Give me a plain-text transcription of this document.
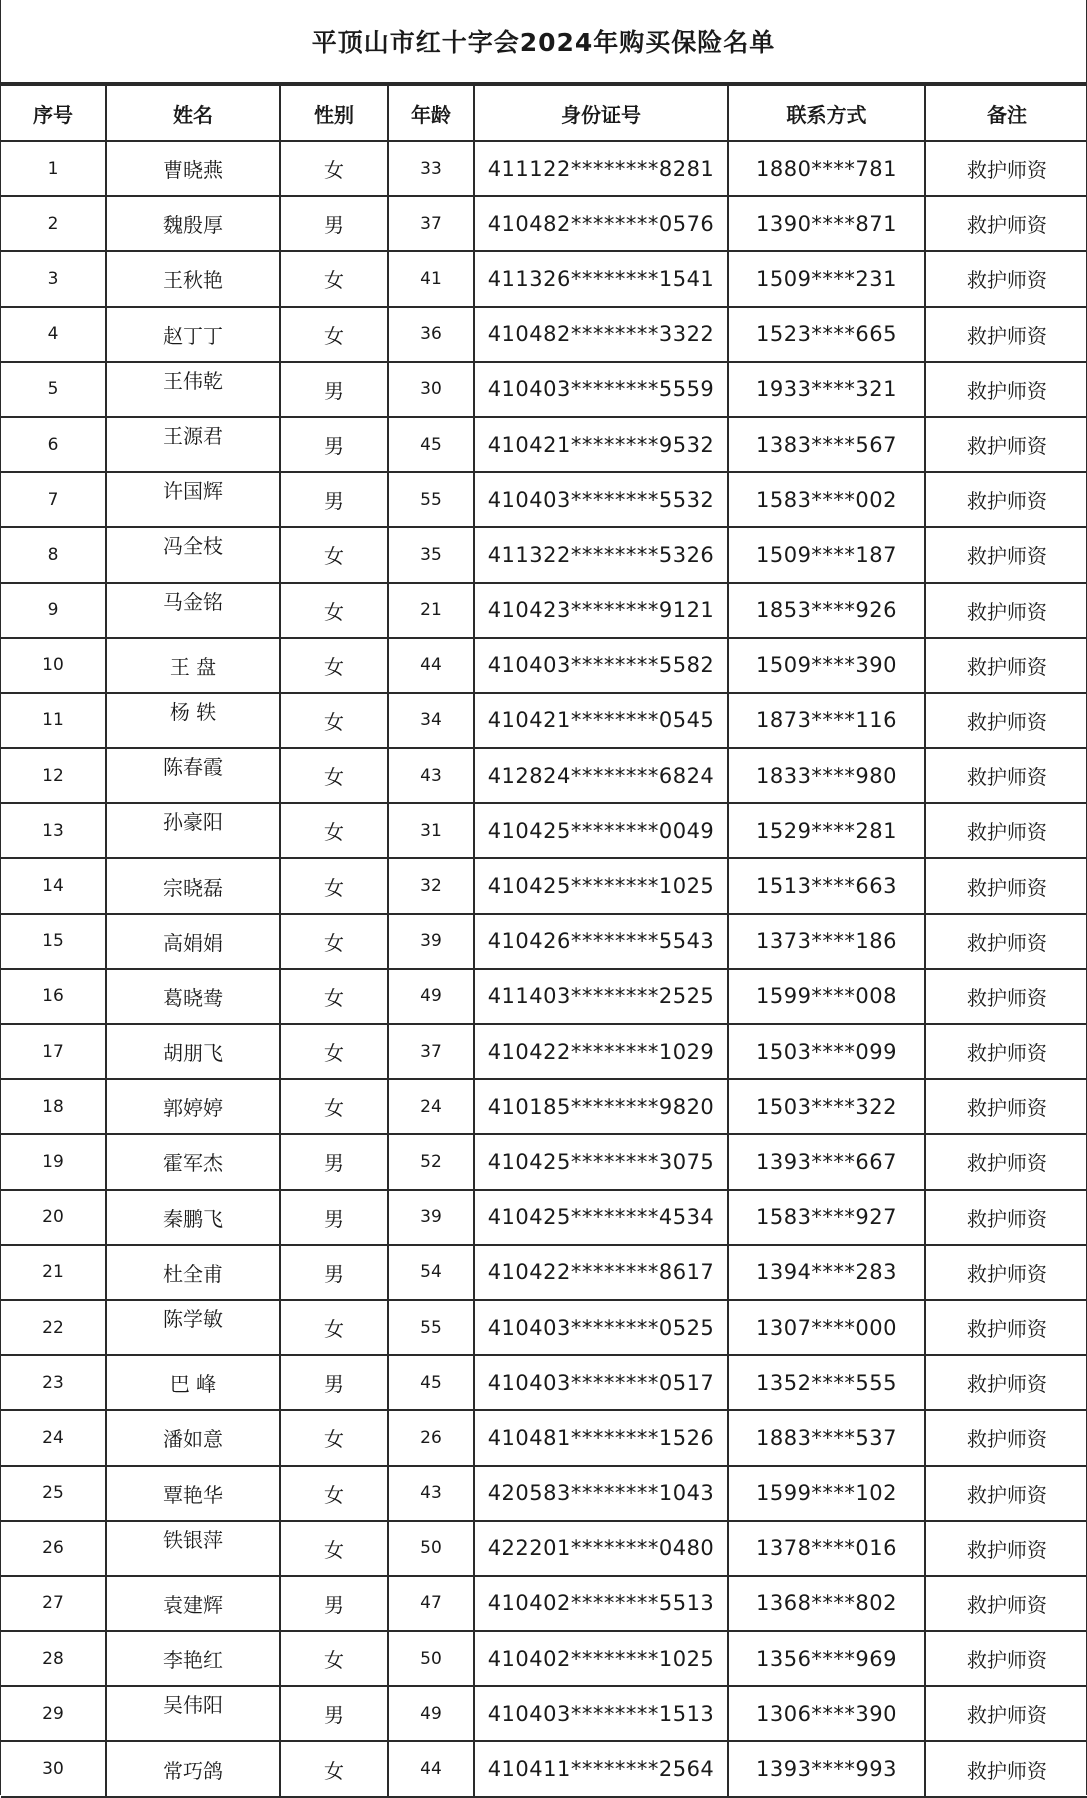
平顶山市红十字会2024年购买保险名单
序号	姓名	性别	年龄	身份证号	联系方式	备注
1	曹晓燕	女	33	411122********8281	1880****781	救护师资
2	魏殷厚	男	37	410482********0576	1390****871	救护师资
3	王秋艳	女	41	411326********1541	1509****231	救护师资
4	赵丁丁	女	36	410482********3322	1523****665	救护师资
5	王伟乾	男	30	410403********5559	1933****321	救护师资
6	王源君	男	45	410421********9532	1383****567	救护师资
7	许国辉	男	55	410403********5532	1583****002	救护师资
8	冯全枝	女	35	411322********5326	1509****187	救护师资
9	马金铭	女	21	410423********9121	1853****926	救护师资
10	王 盘	女	44	410403********5582	1509****390	救护师资
11	杨 轶	女	34	410421********0545	1873****116	救护师资
12	陈春霞	女	43	412824********6824	1833****980	救护师资
13	孙豪阳	女	31	410425********0049	1529****281	救护师资
14	宗晓磊	女	32	410425********1025	1513****663	救护师资
15	高娟娟	女	39	410426********5543	1373****186	救护师资
16	葛晓鸯	女	49	411403********2525	1599****008	救护师资
17	胡朋飞	女	37	410422********1029	1503****099	救护师资
18	郭婷婷	女	24	410185********9820	1503****322	救护师资
19	霍军杰	男	52	410425********3075	1393****667	救护师资
20	秦鹏飞	男	39	410425********4534	1583****927	救护师资
21	杜全甫	男	54	410422********8617	1394****283	救护师资
22	陈学敏	女	55	410403********0525	1307****000	救护师资
23	巴 峰	男	45	410403********0517	1352****555	救护师资
24	潘如意	女	26	410481********1526	1883****537	救护师资
25	覃艳华	女	43	420583********1043	1599****102	救护师资
26	铁银萍	女	50	422201********0480	1378****016	救护师资
27	袁建辉	男	47	410402********5513	1368****802	救护师资
28	李艳红	女	50	410402********1025	1356****969	救护师资
29	吴伟阳	男	49	410403********1513	1306****390	救护师资
30	常巧鸽	女	44	410411********2564	1393****993	救护师资
